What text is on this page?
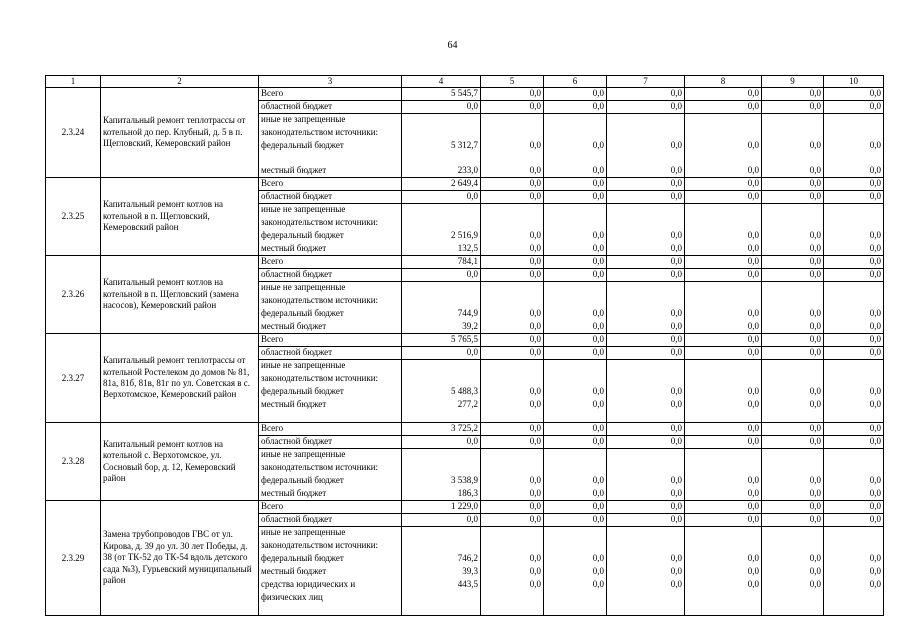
64
1	2	3	4	5	6	7	8	9	10
2.3.24	Капитальный ремонт теплотрассы от котельной до пер. Клубный, д. 5 в п. Щегловский, Кемеровский район	Всего	5 545,7	0,0	0,0	0,0	0,0	0,0	0,0
		областной бюджет	0,0	0,0	0,0	0,0	0,0	0,0	0,0
		иные не запрещенные							
		законодательством источники:							
		федеральный бюджет	5 312,7	0,0	0,0	0,0	0,0	0,0	0,0
		местный бюджет	233,0	0,0	0,0	0,0	0,0	0,0	0,0
2.3.25	Капитальный ремонт котлов на котельной в п. Щегловский, Кемеровский район	Всего	2 649,4	0,0	0,0	0,0	0,0	0,0	0,0
		областной бюджет	0,0	0,0	0,0	0,0	0,0	0,0	0,0
		иные не запрещенные							
		законодательством источники:							
		федеральный бюджет	2 516,9	0,0	0,0	0,0	0,0	0,0	0,0
		местный бюджет	132,5	0,0	0,0	0,0	0,0	0,0	0,0
2.3.26	Капитальный ремонт котлов на котельной в п. Щегловский (замена насосов), Кемеровский район	Всего	784,1	0,0	0,0	0,0	0,0	0,0	0,0
		областной бюджет	0,0	0,0	0,0	0,0	0,0	0,0	0,0
		иные не запрещенные							
		законодательством источники:							
		федеральный бюджет	744,9	0,0	0,0	0,0	0,0	0,0	0,0
		местный бюджет	39,2	0,0	0,0	0,0	0,0	0,0	0,0
2.3.27	Капитальный ремонт теплотрассы от котельной Ростелеком до домов № 81, 81а, 81б, 81в, 81г по ул. Советская в с. Верхотомское, Кемеровский район	Всего	5 765,5	0,0	0,0	0,0	0,0	0,0	0,0
		областной бюджет	0,0	0,0	0,0	0,0	0,0	0,0	0,0
		иные не запрещенные							
		законодательством источники:							
		федеральный бюджет	5 488,3	0,0	0,0	0,0	0,0	0,0	0,0
		местный бюджет	277,2	0,0	0,0	0,0	0,0	0,0	0,0
2.3.28	Капитальный ремонт котлов на котельной с. Верхотомское, ул. Сосновый бор, д. 12, Кемеровский район	Всего	3 725,2	0,0	0,0	0,0	0,0	0,0	0,0
		областной бюджет	0,0	0,0	0,0	0,0	0,0	0,0	0,0
		иные не запрещенные							
		законодательством источники:							
		федеральный бюджет	3 538,9	0,0	0,0	0,0	0,0	0,0	0,0
		местный бюджет	186,3	0,0	0,0	0,0	0,0	0,0	0,0
2.3.29	Замена трубопроводов ГВС от ул. Кирова, д. 39 до ул. 30 лет Победы, д. 38 (от ТК-52 до ТК-54 вдоль детского сада №3), Гурьевский муниципальный район	Всего	1 229,0	0,0	0,0	0,0	0,0	0,0	0,0
		областной бюджет	0,0	0,0	0,0	0,0	0,0	0,0	0,0
		иные не запрещенные							
		законодательством источники:							
		федеральный бюджет	746,2	0,0	0,0	0,0	0,0	0,0	0,0
		местный бюджет	39,3	0,0	0,0	0,0	0,0	0,0	0,0
		средства юридических и	443,5	0,0	0,0	0,0	0,0	0,0	0,0
		физических лиц							
